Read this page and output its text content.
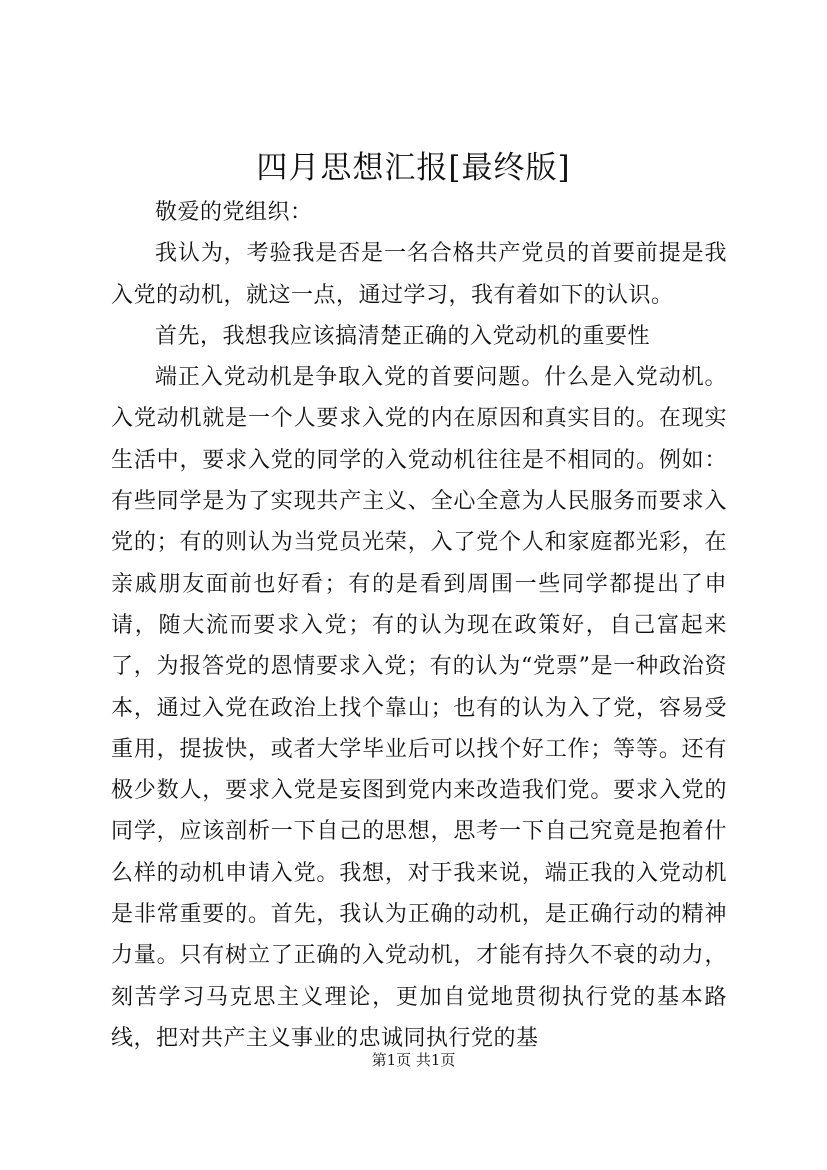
四月思想汇报[最终版]

敬爱的党组织：

我认为，考验我是否是一名合格共产党员的首要前提是我入党的动机，就这一点，通过学习，我有着如下的认识。

首先，我想我应该搞清楚正确的入党动机的重要性

端正入党动机是争取入党的首要问题。什么是入党动机。入党动机就是一个人要求入党的内在原因和真实目的。在现实生活中，要求入党的同学的入党动机往往是不相同的。例如：有些同学是为了实现共产主义、全心全意为人民服务而要求入党的；有的则认为当党员光荣，入了党个人和家庭都光彩，在亲戚朋友面前也好看；有的是看到周围一些同学都提出了申请，随大流而要求入党；有的认为现在政策好，自己富起来了，为报答党的恩情要求入党；有的认为“党票”是一种政治资本，通过入党在政治上找个靠山；也有的认为入了党，容易受重用，提拔快，或者大学毕业后可以找个好工作；等等。还有极少数人，要求入党是妄图到党内来改造我们党。要求入党的同学，应该剖析一下自己的思想，思考一下自己究竟是抱着什么样的动机申请入党。我想，对于我来说，端正我的入党动机是非常重要的。首先，我认为正确的动机，是正确行动的精神力量。只有树立了正确的入党动机，才能有持久不衰的动力，刻苦学习马克思主义理论，更加自觉地贯彻执行党的基本路线，把对共产主义事业的忠诚同执行党的基

第1页 共1页
